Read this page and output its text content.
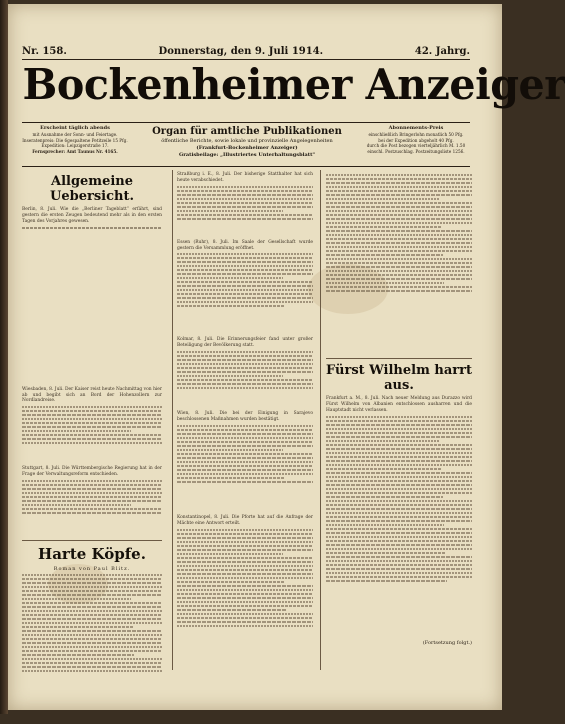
Nr. 158.	Donnerstag, den 9. Juli 1914.	42. Jahrg.
Bockenheimer Anzeiger
Erscheint täglich abends
mit Ausnahme der Sonn- und Feiertage.
Inseratenpreis: Die 6gespaltene Petitzeile 15 Pfg.
Expedition: Leipzigerstraße 17.
Fernsprecher: Amt Taunus Nr. 4165.
Organ für amtliche Publikationen
öffentliche Berichte, sowie lokale und provinzielle Angelegenheiten
(Frankfurt-Bockenheimer Anzeiger)
Gratisbeilage: „Illustriertes Unterhaltungsblatt"
Abonnements-Preis
einschließlich Bringerlohn monatlich 50 Pfg.
bei der Expedition abgeholt 40 Pfg.
durch die Post bezogen vierteljährlich M. 1.50
einschl. Postzuschlag. Postzeitungsliste 1256.
Allgemeine Uebersicht.

Berlin, 8. Juli. Wie die „Berliner Tageblatt“ erfährt, sind gestern die ersten Zeugen bedeutend mehr als in den ersten Tagen des Vorjahres gewesen.

Wiesbaden, 8. Juli. Der Kaiser reist heute Nachmittag von hier ab und begibt sich an Bord der Hohenzollern zur Nordlandreise.

Stuttgart, 8. Juli. Die Württembergische Regierung hat in der Frage der Verwaltungsreform entschieden.

Harte Köpfe.
Roman von Paul Blitz.

Straßburg i. E., 8. Juli. Der bisherige Statthalter hat sich heute verabschiedet.

Essen (Ruhr), 8. Juli. Im Saale der Gesellschaft wurde gestern die Versammlung eröffnet.

Kolmar, 8. Juli. Die Erinnerungsfeier fand unter großer Beteiligung der Bevölkerung statt.

Wien, 8. Juli. Die bei der Einigung in Sarajevo beschlossenen Maßnahmen wurden bestätigt.

Konstantinopel, 8. Juli. Die Pforte hat auf die Anfrage der Mächte eine Antwort erteilt.

Fürst Wilhelm harrt aus.

Frankfurt a. M., 8. Juli. Nach neuer Meldung aus Durazzo wird Fürst Wilhelm von Albanien entschlossen ausharren und die Hauptstadt nicht verlassen.

(Fortsetzung folgt.)
